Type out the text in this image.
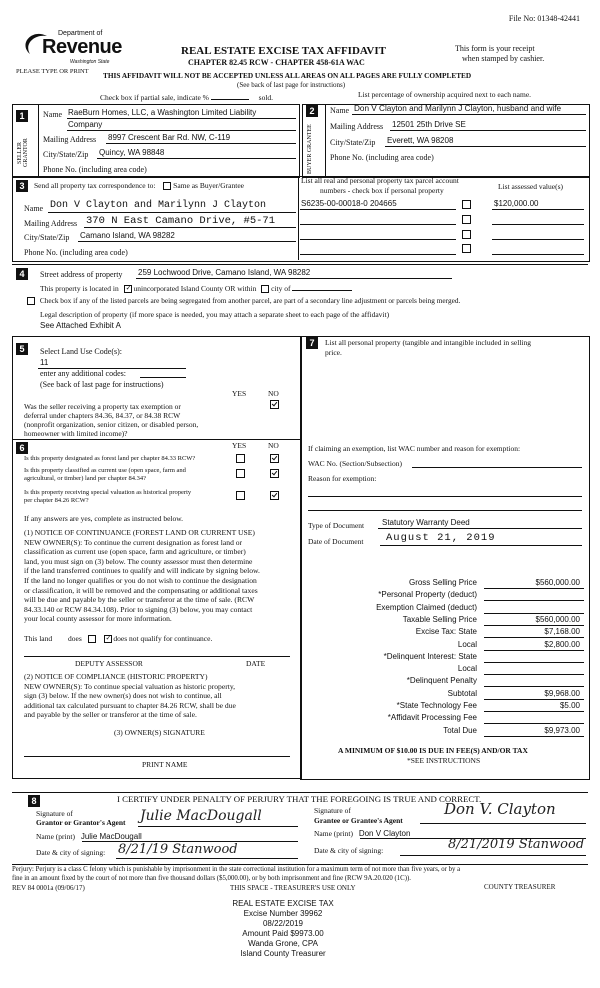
File No: 01348-42441
Department of
Revenue
Washington State
PLEASE TYPE OR PRINT
REAL ESTATE EXCISE TAX AFFIDAVIT
CHAPTER 82.45 RCW - CHAPTER 458-61A WAC
This form is your receipt
when stamped by cashier.
THIS AFFIDAVIT WILL NOT BE ACCEPTED UNLESS ALL AREAS ON ALL PAGES ARE FULLY COMPLETED
(See back of last page for instructions)
Check box if partial sale, indicate %	sold.	List percentage of ownership acquired next to each name.
1
SELLER GRANTOR
Name RaeBurn Homes, LLC, a Washington Limited Liability
Company
Mailing Address 8997 Crescent Bar Rd. NW, C-119
City/State/Zip Quincy, WA 98848
Phone No. (including area code)
2
BUYER GRANTEE
Name Don V Clayton and Marilynn J Clayton, husband and wife
Mailing Address 12501 25th Drive SE
City/State/Zip Everett, WA 98208
Phone No. (including area code)
3	Send all property tax correspondence to: Same as Buyer/Grantee
Name Don V Clayton and Marilynn J Clayton
Mailing Address 370 N East Camano Drive, #5-71
City/State/Zip Camano Island, WA 98282
Phone No. (including area code)
List all real and personal property tax parcel account
numbers - check box if personal property	List assessed value(s)
S6235-00-00018-0 204665	$120,000.00
4	Street address of property 259 Lochwood Drive, Camano Island, WA 98282
This property is located in ✓ unincorporated Island County OR within city of
Check box if any of the listed parcels are being segregated from another parcel, are part of a secondary line adjustment or parcels being merged.
Legal description of property (if more space is needed, you may attach a separate sheet to each page of the affidavit)
See Attached Exhibit A
5	Select Land Use Code(s):
11
enter any additional codes:
(See back of last page for instructions)
YES	NO
Was the seller receiving a property tax exemption or
deferral under chapters 84.36, 84.37, or 84.38 RCW
(nonprofit organization, senior citizen, or disabled person,
homeowner with limited income)?
6	YES	NO
Is this property designated as forest land per chapter 84.33 RCW?
Is this property classified as current use (open space, farm and
agricultural, or timber) land per chapter 84.34?
Is this property receiving special valuation as historical property
per chapter 84.26 RCW?
If any answers are yes, complete as instructed below.
(1) NOTICE OF CONTINUANCE (FOREST LAND OR CURRENT USE)
NEW OWNER(S): To continue the current designation as forest land or
classification as current use (open space, farm and agriculture, or timber)
land, you must sign on (3) below. The county assessor must then determine
if the land transferred continues to qualify and will indicate by signing below.
If the land no longer qualifies or you do not wish to continue the designation
or classification, it will be removed and the compensating or additional taxes
will be due and payable by the seller or transferor at the time of sale. (RCW
84.33.140 or RCW 84.34.108). Prior to signing (3) below, you may contact
your local county assessor for more information.
This land does	✓ does not qualify for continuance.
DEPUTY ASSESSOR	DATE
(2) NOTICE OF COMPLIANCE (HISTORIC PROPERTY)
NEW OWNER(S): To continue special valuation as historic property,
sign (3) below. If the new owner(s) does not wish to continue, all
additional tax calculated pursuant to chapter 84.26 RCW, shall be due
and payable by the seller or transferor at the time of sale.
(3) OWNER(S) SIGNATURE
PRINT NAME
7	List all personal property (tangible and intangible included in selling
price.
If claiming an exemption, list WAC number and reason for exemption:
WAC No. (Section/Subsection)
Reason for exemption:
Type of Document Statutory Warranty Deed
Date of Document August 21, 2019
Gross Selling Price	$560,000.00
*Personal Property (deduct)
Exemption Claimed (deduct)
Taxable Selling Price	$560,000.00
Excise Tax: State	$7,168.00
Local	$2,800.00
*Delinquent Interest: State
Local
*Delinquent Penalty
Subtotal	$9,968.00
*State Technology Fee	$5.00
*Affidavit Processing Fee
Total Due	$9,973.00
A MINIMUM OF $10.00 IS DUE IN FEE(S) AND/OR TAX
*SEE INSTRUCTIONS
8	I CERTIFY UNDER PENALTY OF PERJURY THAT THE FOREGOING IS TRUE AND CORRECT.
Signature of
Grantor or Grantor's Agent Julie MacDougall
Name (print) Julie MacDougall
Date & city of signing: 8/21/19 Stanwood
Signature of
Grantee or Grantee's Agent
Don V. Clayton
Name (print) Don V Clayton
Date & city of signing:	8/21/2019 Stanwood
Perjury: Perjury is a class C felony which is punishable by imprisonment in the state correctional institution for a maximum term of not more than five years, or by a
fine in an amount fixed by the court of not more than five thousand dollars ($5,000.00), or by both imprisonment and fine (RCW 9A.20.020 (1C)).
REV 84 0001a (09/06/17)	THIS SPACE - TREASURER'S USE ONLY	COUNTY TREASURER
REAL ESTATE EXCISE TAX
Excise Number 39962
08/22/2019
Amount Paid $9973.00
Wanda Grone, CPA
Island County Treasurer
